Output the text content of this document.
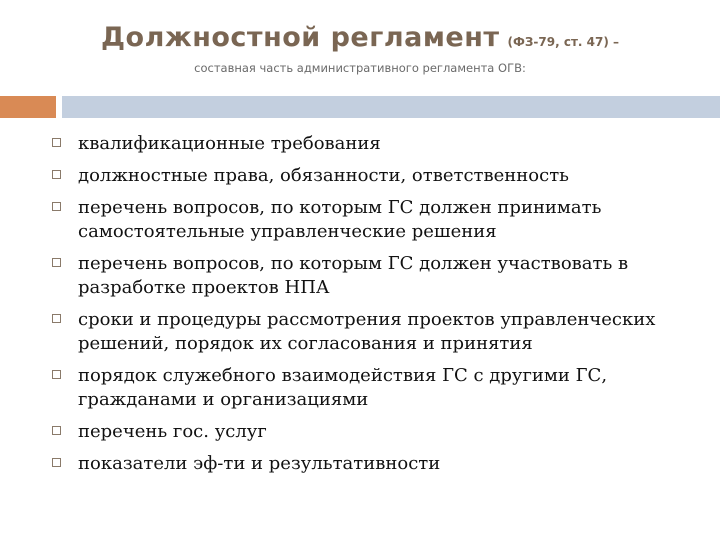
Должностной регламент (ФЗ-79, ст. 47) –
составная часть административного регламента ОГВ:
квалификационные требования
должностные права, обязанности, ответственность
перечень вопросов, по которым ГС должен принимать самостоятельные управленческие решения
перечень вопросов, по которым ГС должен участвовать в разработке проектов НПА
сроки и процедуры рассмотрения проектов управленческих решений, порядок их согласования и принятия
порядок служебного взаимодействия ГС с другими ГС, гражданами и организациями
перечень гос. услуг
показатели эф-ти и результативности
